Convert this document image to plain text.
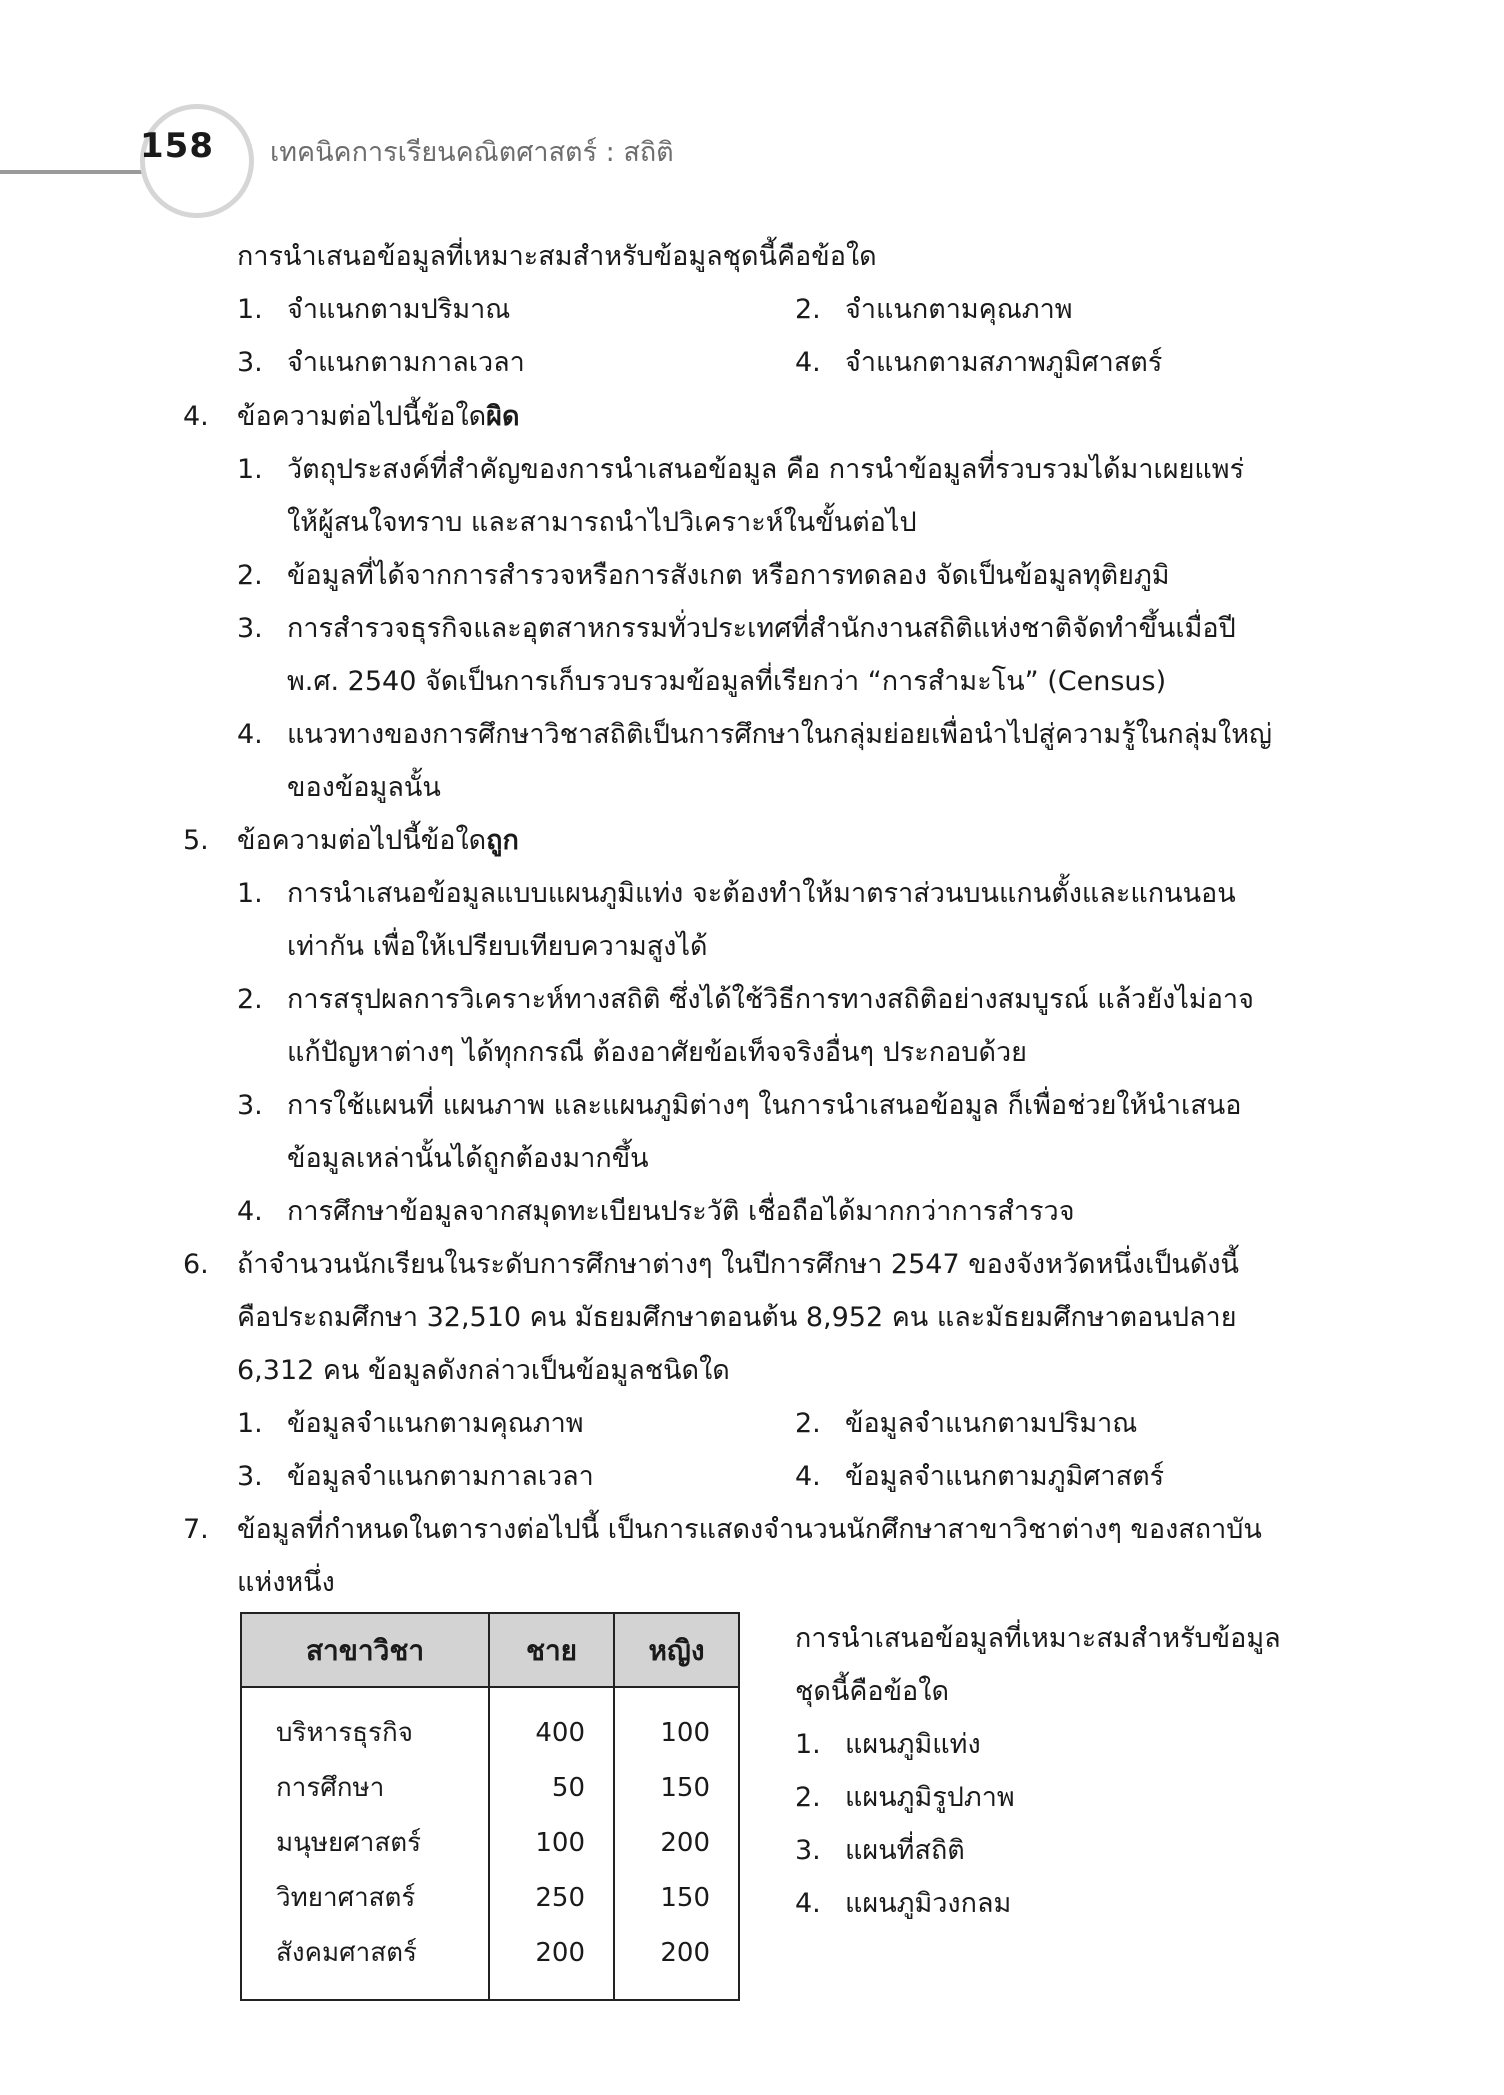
158	เทคนิคการเรียนคณิตศาสตร์ : สถิติ
การนำเสนอข้อมูลที่เหมาะสมสำหรับข้อมูลชุดนี้คือข้อใด
1. จำแนกตามปริมาณ	2. จำแนกตามคุณภาพ
3. จำแนกตามกาลเวลา	4. จำแนกตามสภาพภูมิศาสตร์
4. ข้อความต่อไปนี้ข้อใดผิด
1. วัตถุประสงค์ที่สำคัญของการนำเสนอข้อมูล คือ การนำข้อมูลที่รวบรวมได้มาเผยแพร่
ให้ผู้สนใจทราบ และสามารถนำไปวิเคราะห์ในขั้นต่อไป
2. ข้อมูลที่ได้จากการสำรวจหรือการสังเกต หรือการทดลอง จัดเป็นข้อมูลทุติยภูมิ
3. การสำรวจธุรกิจและอุตสาหกรรมทั่วประเทศที่สำนักงานสถิติแห่งชาติจัดทำขึ้นเมื่อปี
พ.ศ. 2540 จัดเป็นการเก็บรวบรวมข้อมูลที่เรียกว่า “การสำมะโน” (Census)
4. แนวทางของการศึกษาวิชาสถิติเป็นการศึกษาในกลุ่มย่อยเพื่อนำไปสู่ความรู้ในกลุ่มใหญ่
ของข้อมูลนั้น
5. ข้อความต่อไปนี้ข้อใดถูก
1. การนำเสนอข้อมูลแบบแผนภูมิแท่ง จะต้องทำให้มาตราส่วนบนแกนตั้งและแกนนอน
เท่ากัน เพื่อให้เปรียบเทียบความสูงได้
2. การสรุปผลการวิเคราะห์ทางสถิติ ซึ่งได้ใช้วิธีการทางสถิติอย่างสมบูรณ์ แล้วยังไม่อาจ
แก้ปัญหาต่างๆ ได้ทุกกรณี ต้องอาศัยข้อเท็จจริงอื่นๆ ประกอบด้วย
3. การใช้แผนที่ แผนภาพ และแผนภูมิต่างๆ ในการนำเสนอข้อมูล ก็เพื่อช่วยให้นำเสนอ
ข้อมูลเหล่านั้นได้ถูกต้องมากขึ้น
4. การศึกษาข้อมูลจากสมุดทะเบียนประวัติ เชื่อถือได้มากกว่าการสำรวจ
6. ถ้าจำนวนนักเรียนในระดับการศึกษาต่างๆ ในปีการศึกษา 2547 ของจังหวัดหนึ่งเป็นดังนี้
คือประถมศึกษา 32,510 คน มัธยมศึกษาตอนต้น 8,952 คน และมัธยมศึกษาตอนปลาย
6,312 คน ข้อมูลดังกล่าวเป็นข้อมูลชนิดใด
1. ข้อมูลจำแนกตามคุณภาพ	2. ข้อมูลจำแนกตามปริมาณ
3. ข้อมูลจำแนกตามกาลเวลา	4. ข้อมูลจำแนกตามภูมิศาสตร์
7. ข้อมูลที่กำหนดในตารางต่อไปนี้ เป็นการแสดงจำนวนนักศึกษาสาขาวิชาต่างๆ ของสถาบัน
แห่งหนึ่ง
สาขาวิชา	ชาย	หญิง

บริหารธุรกิจ	400	100
การศึกษา	50	150
มนุษยศาสตร์	100	200
วิทยาศาสตร์	250	150
สังคมศาสตร์	200	200

การนำเสนอข้อมูลที่เหมาะสมสำหรับข้อมูล
ชุดนี้คือข้อใด
1. แผนภูมิแท่ง
2. แผนภูมิรูปภาพ
3. แผนที่สถิติ
4. แผนภูมิวงกลม
